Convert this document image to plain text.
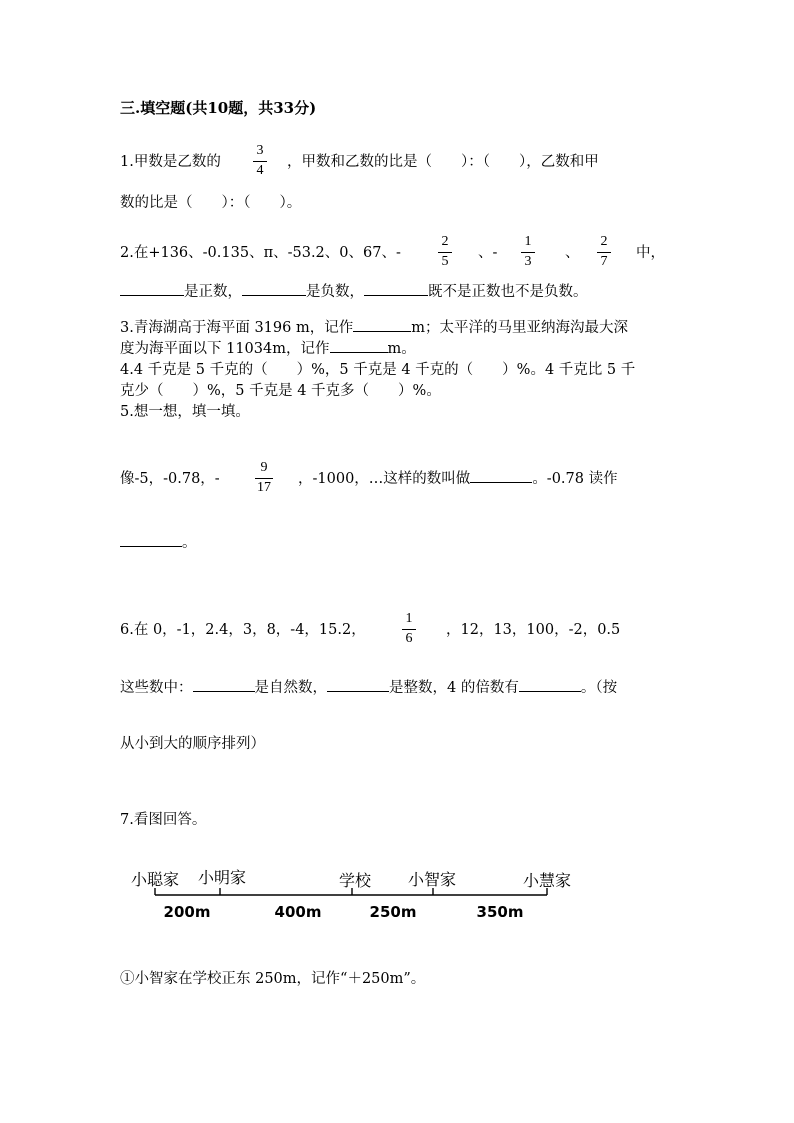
三.填空题(共10题，共33分)
1.甲数是乙数的
3
4
，甲数和乙数的比是（　　）：（　　），乙数和甲
数的比是（　　）：（　　）。
2.在+136、-0.135、π、-53.2、0、67、-
2
5
、-
1
3
、
2
7
中，
是正数，	是负数，	既不是正数也不是负数。
3.青海湖高于海平面 3196 m，记作	m；太平洋的马里亚纳海沟最大深
度为海平面以下 11034m，记作	m。
4.4 千克是 5 千克的（　　）%，5 千克是 4 千克的（　　）%。4 千克比 5 千
克少（　　）%，5 千克是 4 千克多（　　）%。
5.想一想，填一填。
像-5，-0.78，-
9
17
，-1000，…这样的数叫做	。-0.78 读作
。
6.在 0，-1，2.4，3，8，-4，15.2，
1
6
，12，13，100，-2，0.5
这些数中：	是自然数，	是整数，4 的倍数有	。（按
从小到大的顺序排列）
7.看图回答。
小聪家 小明家	学校 小智家	小慧家
200m	400m	250m	350m
①小智家在学校正东 250m，记作“＋250m”。
